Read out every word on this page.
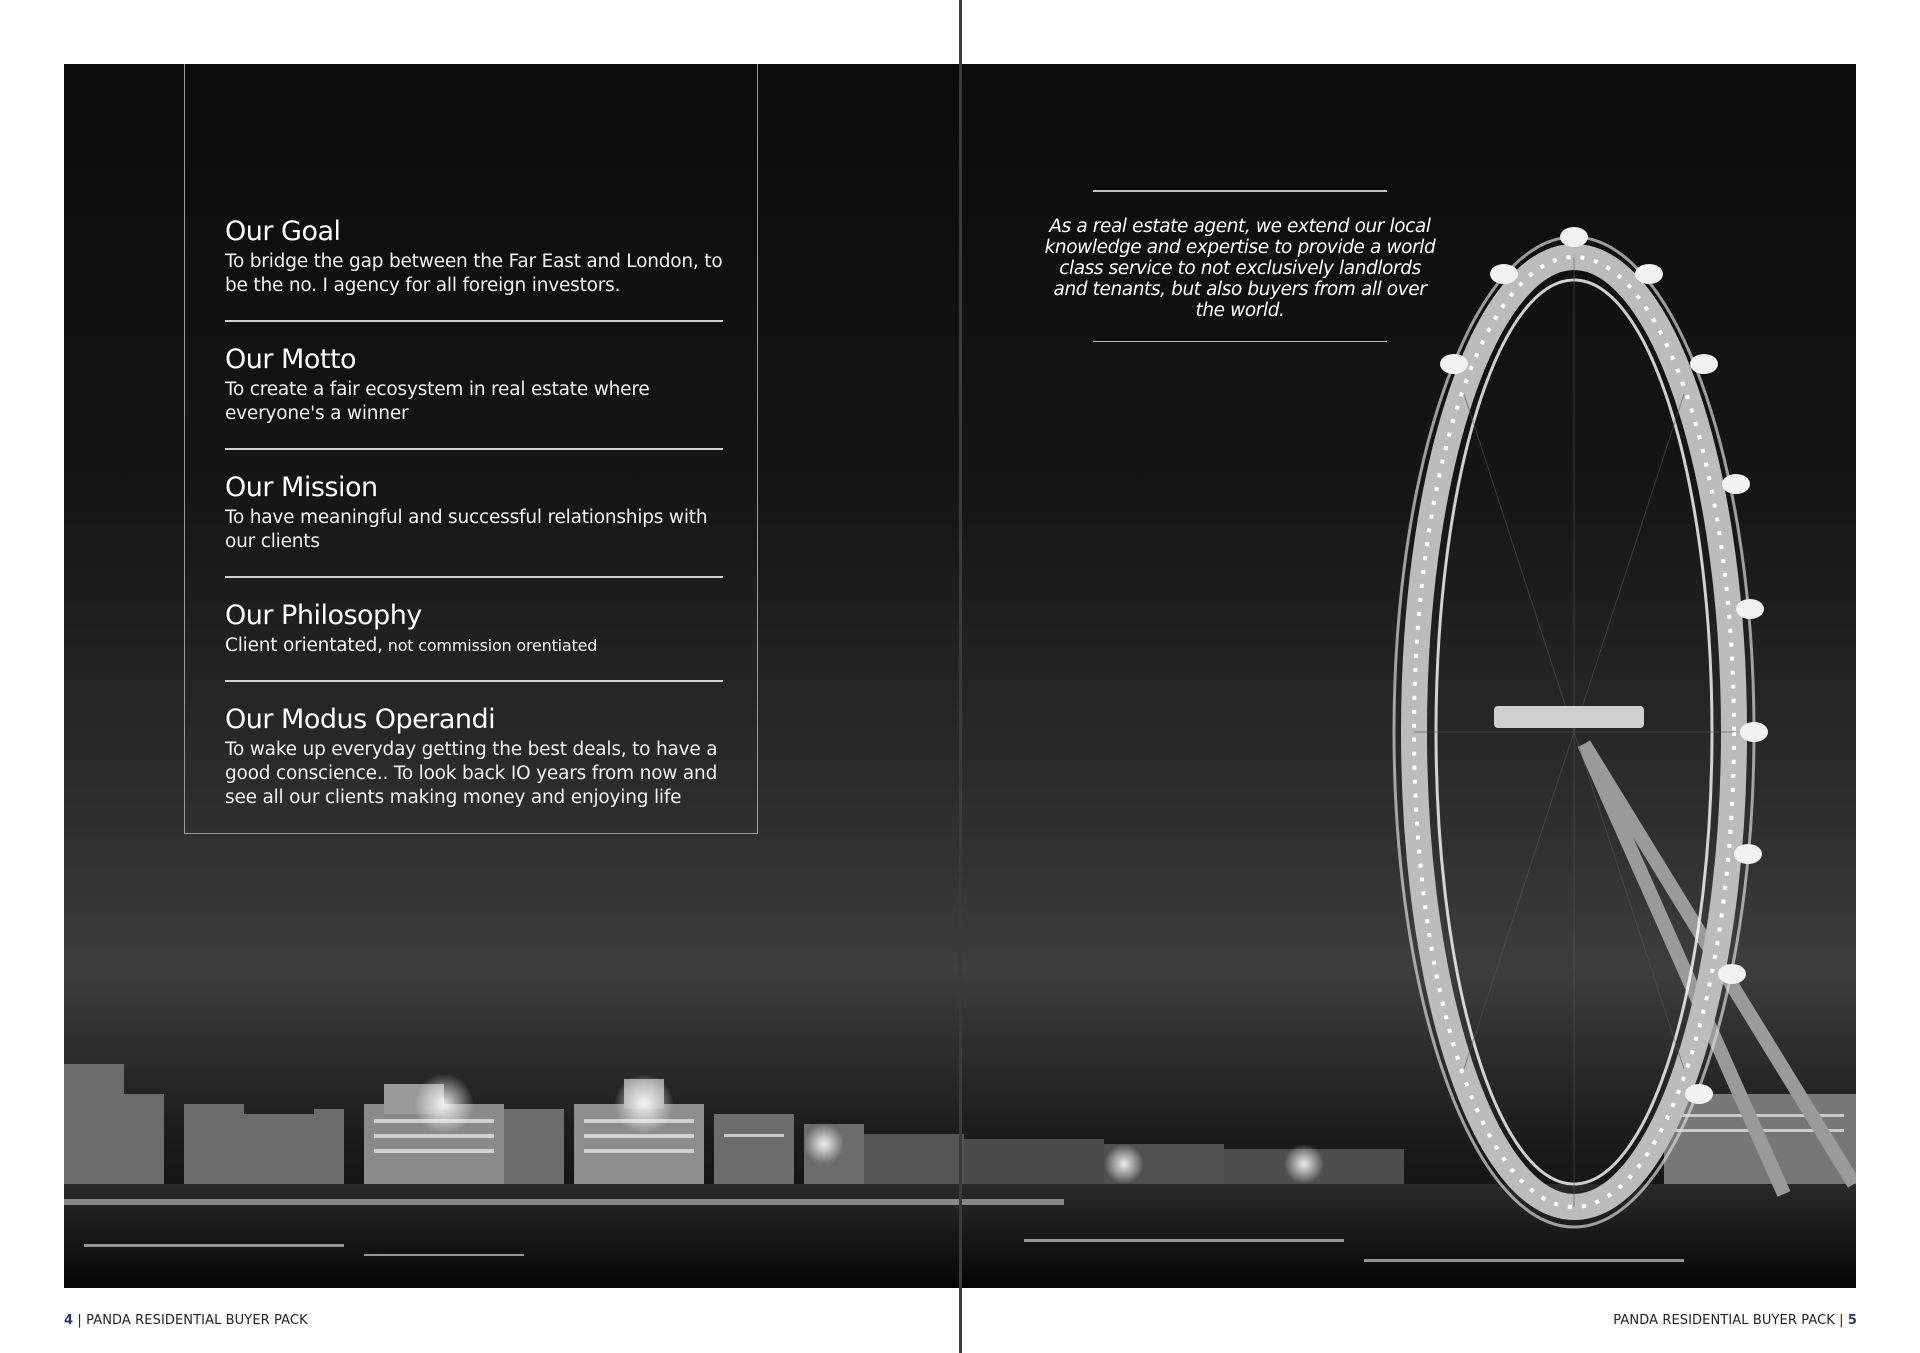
Our Goal

To bridge the gap between the Far East and London, to be the no. I agency for all foreign investors.

Our Motto

To create a fair ecosystem in real estate where everyone's a winner

Our Mission

To have meaningful and successful relationships with our clients

Our Philosophy

Client orientated, not commission orentiated

Our Modus Operandi

To wake up everyday getting the best deals, to have a good conscience.. To look back IO years from now and see all our clients making money and enjoying life

As a real estate agent, we extend our local knowledge and expertise to provide a world class service to not exclusively landlords and tenants, but also buyers from all over the world.

4 | PANDA RESIDENTIAL BUYER PACK	PANDA RESIDENTIAL BUYER PACK | 5
